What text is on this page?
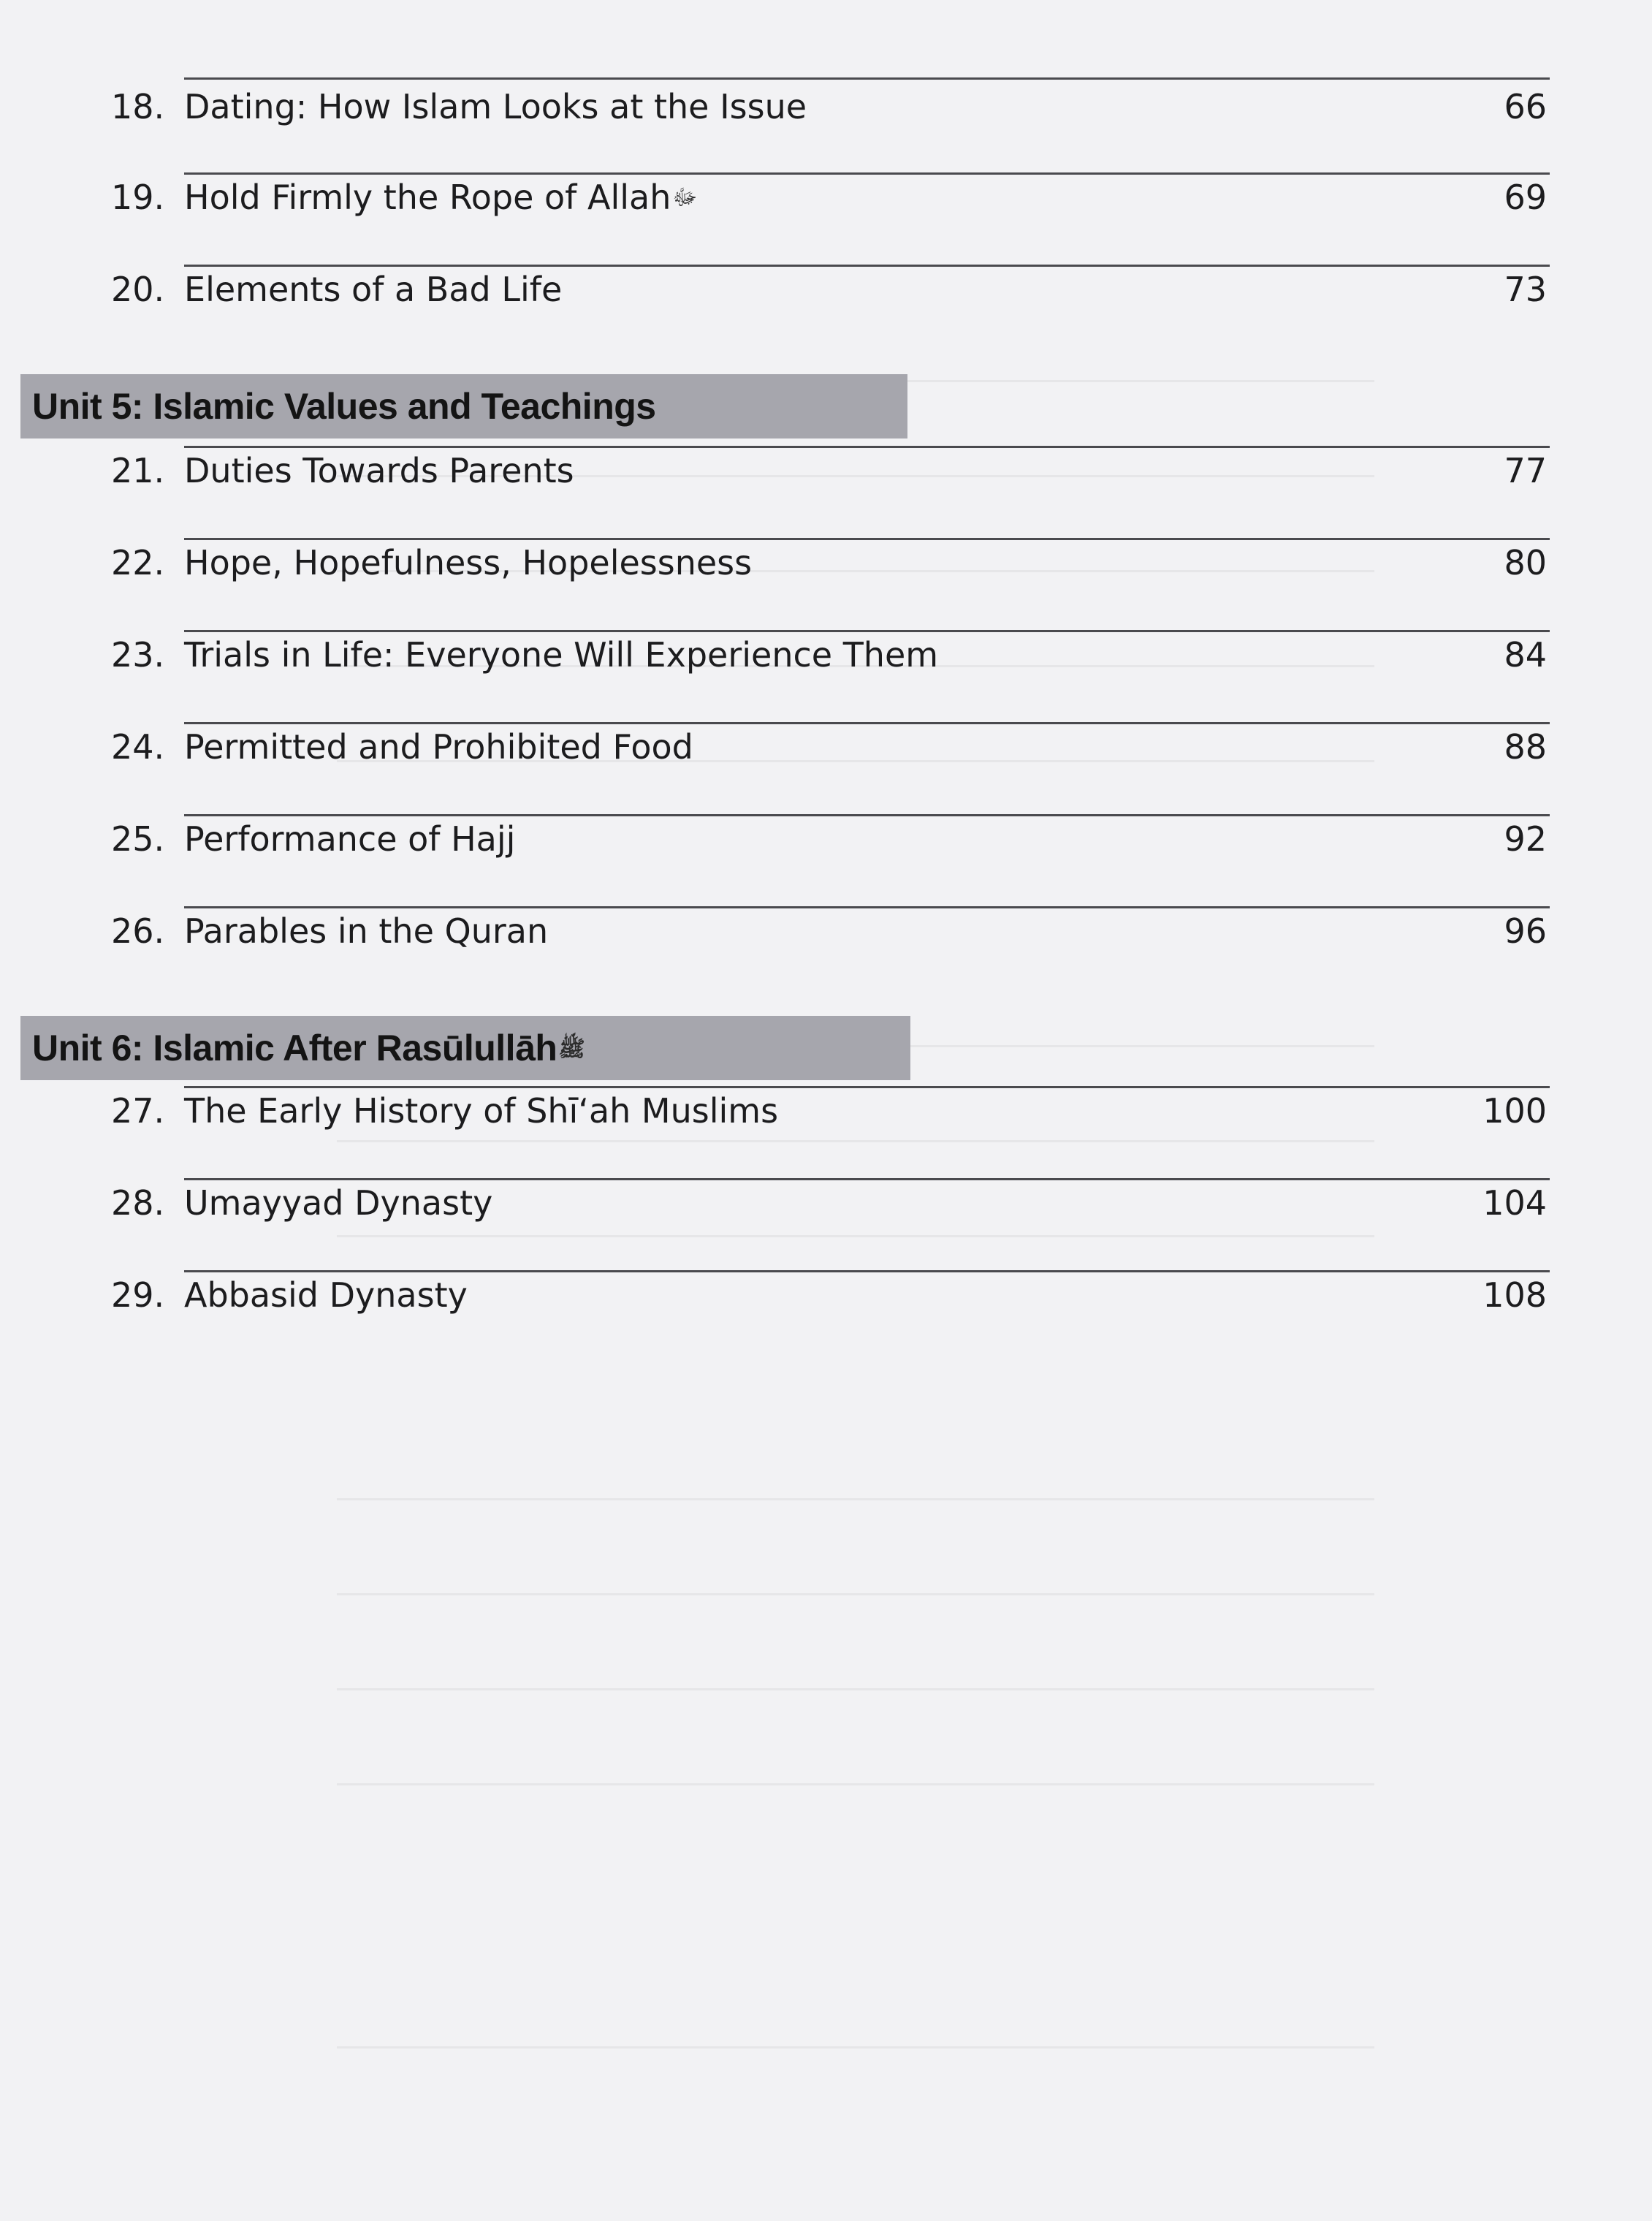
18. Dating: How Islam Looks at the Issue	66
19. Hold Firmly the Rope of Allahﷻ	69
20. Elements of a Bad Life	73
Unit 5: Islamic Values and Teachings
21. Duties Towards Parents	77
22. Hope, Hopefulness, Hopelessness	80
23. Trials in Life: Everyone Will Experience Them	84
24. Permitted and Prohibited Food	88
25. Performance of Hajj	92
26. Parables in the Quran	96
Unit 6: Islamic After Rasūlullāhﷺ
27. The Early History of Shī‘ah Muslims	100
28. Umayyad Dynasty	104
29. Abbasid Dynasty	108
